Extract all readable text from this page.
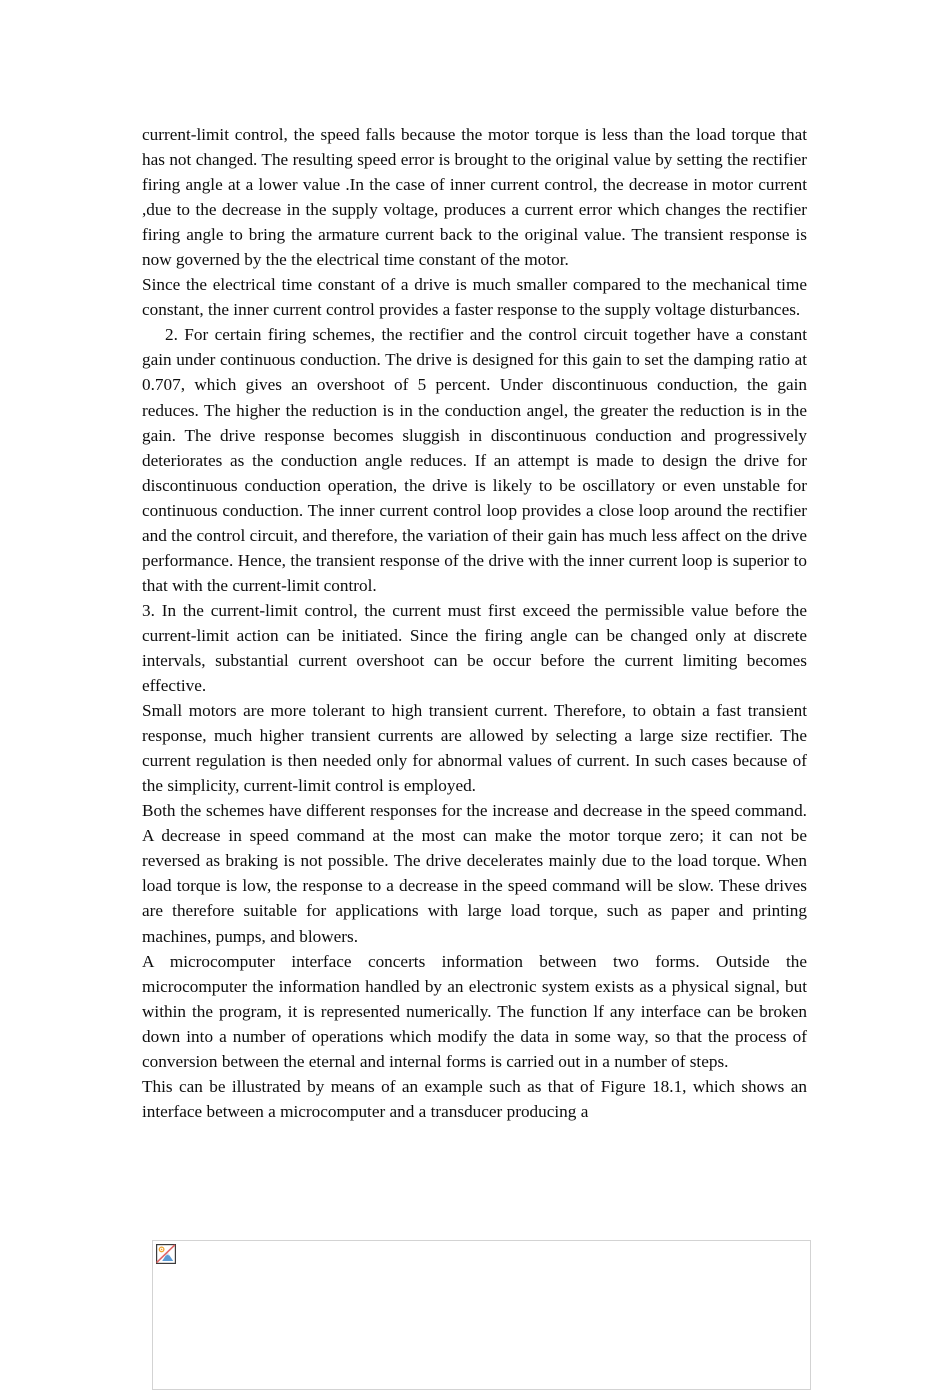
current-limit control, the speed falls because the motor torque is less than the load torque that has not changed. The resulting speed error is brought to the original value by setting the rectifier firing angle at a lower value .In the case of inner current control, the decrease in motor current ,due to the decrease in the supply voltage, produces a current error which changes the rectifier firing angle to bring the armature current back to the original value. The transient response is now governed by the the electrical time constant of the motor.

Since the electrical time constant of a drive is much smaller compared to the mechanical time constant, the inner current control provides a faster response to the supply voltage disturbances.

2. For certain firing schemes, the rectifier and the control circuit together have a constant gain under continuous conduction. The drive is designed for this gain to set the damping ratio at 0.707, which gives an overshoot of 5 percent. Under discontinuous conduction, the gain reduces. The higher the reduction is in the conduction angel, the greater the reduction is in the gain. The drive response becomes sluggish in discontinuous conduction and progressively deteriorates as the conduction angle reduces. If an attempt is made to design the drive for discontinuous conduction operation, the drive is likely to be oscillatory or even unstable for continuous conduction. The inner current control loop provides a close loop around the rectifier and the control circuit, and therefore, the variation of their gain has much less affect on the drive performance. Hence, the transient response of the drive with the inner current loop is superior to that with the current-limit control.

3. In the current-limit control, the current must first exceed the permissible value before the current-limit action can be initiated. Since the firing angle can be changed only at discrete intervals, substantial current overshoot can be occur before the current limiting becomes effective.

Small motors are more tolerant to high transient current. Therefore, to obtain a fast transient response, much higher transient currents are allowed by selecting a large size rectifier. The current regulation is then needed only for abnormal values of current. In such cases because of the simplicity, current-limit control is employed.

Both the schemes have different responses for the increase and decrease in the speed command. A decrease in speed command at the most can make the motor torque zero; it can not be reversed as braking is not possible. The drive decelerates mainly due to the load torque. When load torque is low, the response to a decrease in the speed command will be slow. These drives are therefore suitable for applications with large load torque, such as paper and printing machines, pumps, and blowers.

A microcomputer interface concerts information between two forms. Outside the microcomputer the information handled by an electronic system exists as a physical signal, but within the program, it is represented numerically. The function lf any interface can be broken down into a number of operations which modify the data in some way, so that the process of conversion between the eternal and internal forms is carried out in a number of steps.

This can be illustrated by means of an example such as that of Figure 18.1, which shows an interface between a microcomputer and a transducer producing a
